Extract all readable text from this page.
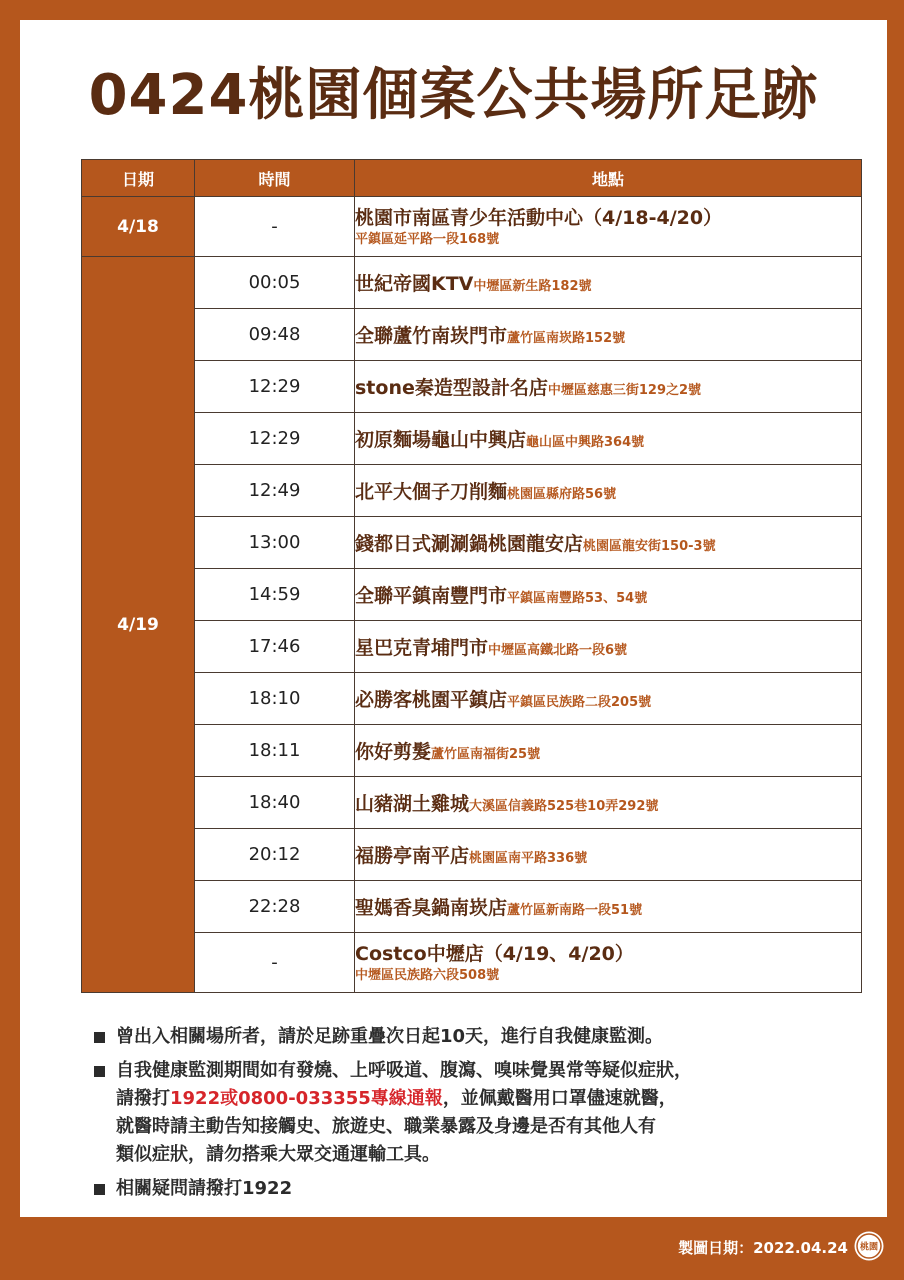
0424桃園個案公共場所足跡
日期	時間	地點
4/18	-	桃園市南區青少年活動中心（4/18-4/20）
平鎮區延平路一段168號

4/19	00:05	世紀帝國KTV中壢區新生路182號
	09:48	全聯蘆竹南崁門市蘆竹區南崁路152號
	12:29	stone秦造型設計名店中壢區慈惠三街129之2號
	12:29	初原麵場龜山中興店龜山區中興路364號
	12:49	北平大個子刀削麵桃園區縣府路56號
	13:00	錢都日式涮涮鍋桃園龍安店桃園區龍安街150-3號
	14:59	全聯平鎮南豐門市平鎮區南豐路53、54號
	17:46	星巴克青埔門市中壢區高鐵北路一段6號
	18:10	必勝客桃園平鎮店平鎮區民族路二段205號
	18:11	你好剪髮蘆竹區南福街25號
	18:40	山豬湖土雞城大溪區信義路525巷10弄292號
	20:12	福勝亭南平店桃園區南平路336號
	22:28	聖媽香臭鍋南崁店蘆竹區新南路一段51號
	-	Costco中壢店（4/19、4/20）
中壢區民族路六段508號

曾出入相關場所者，請於足跡重疊次日起10天，進行自我健康監測。

自我健康監測期間如有發燒、上呼吸道、腹瀉、嗅味覺異常等疑似症狀，

請撥打1922或0800-033355專線通報，並佩戴醫用口罩儘速就醫，

就醫時請主動告知接觸史、旅遊史、職業暴露及身邊是否有其他人有

類似症狀，請勿搭乘大眾交通運輸工具。

相關疑問請撥打1922

製圖日期：2022.04.24 桃園
